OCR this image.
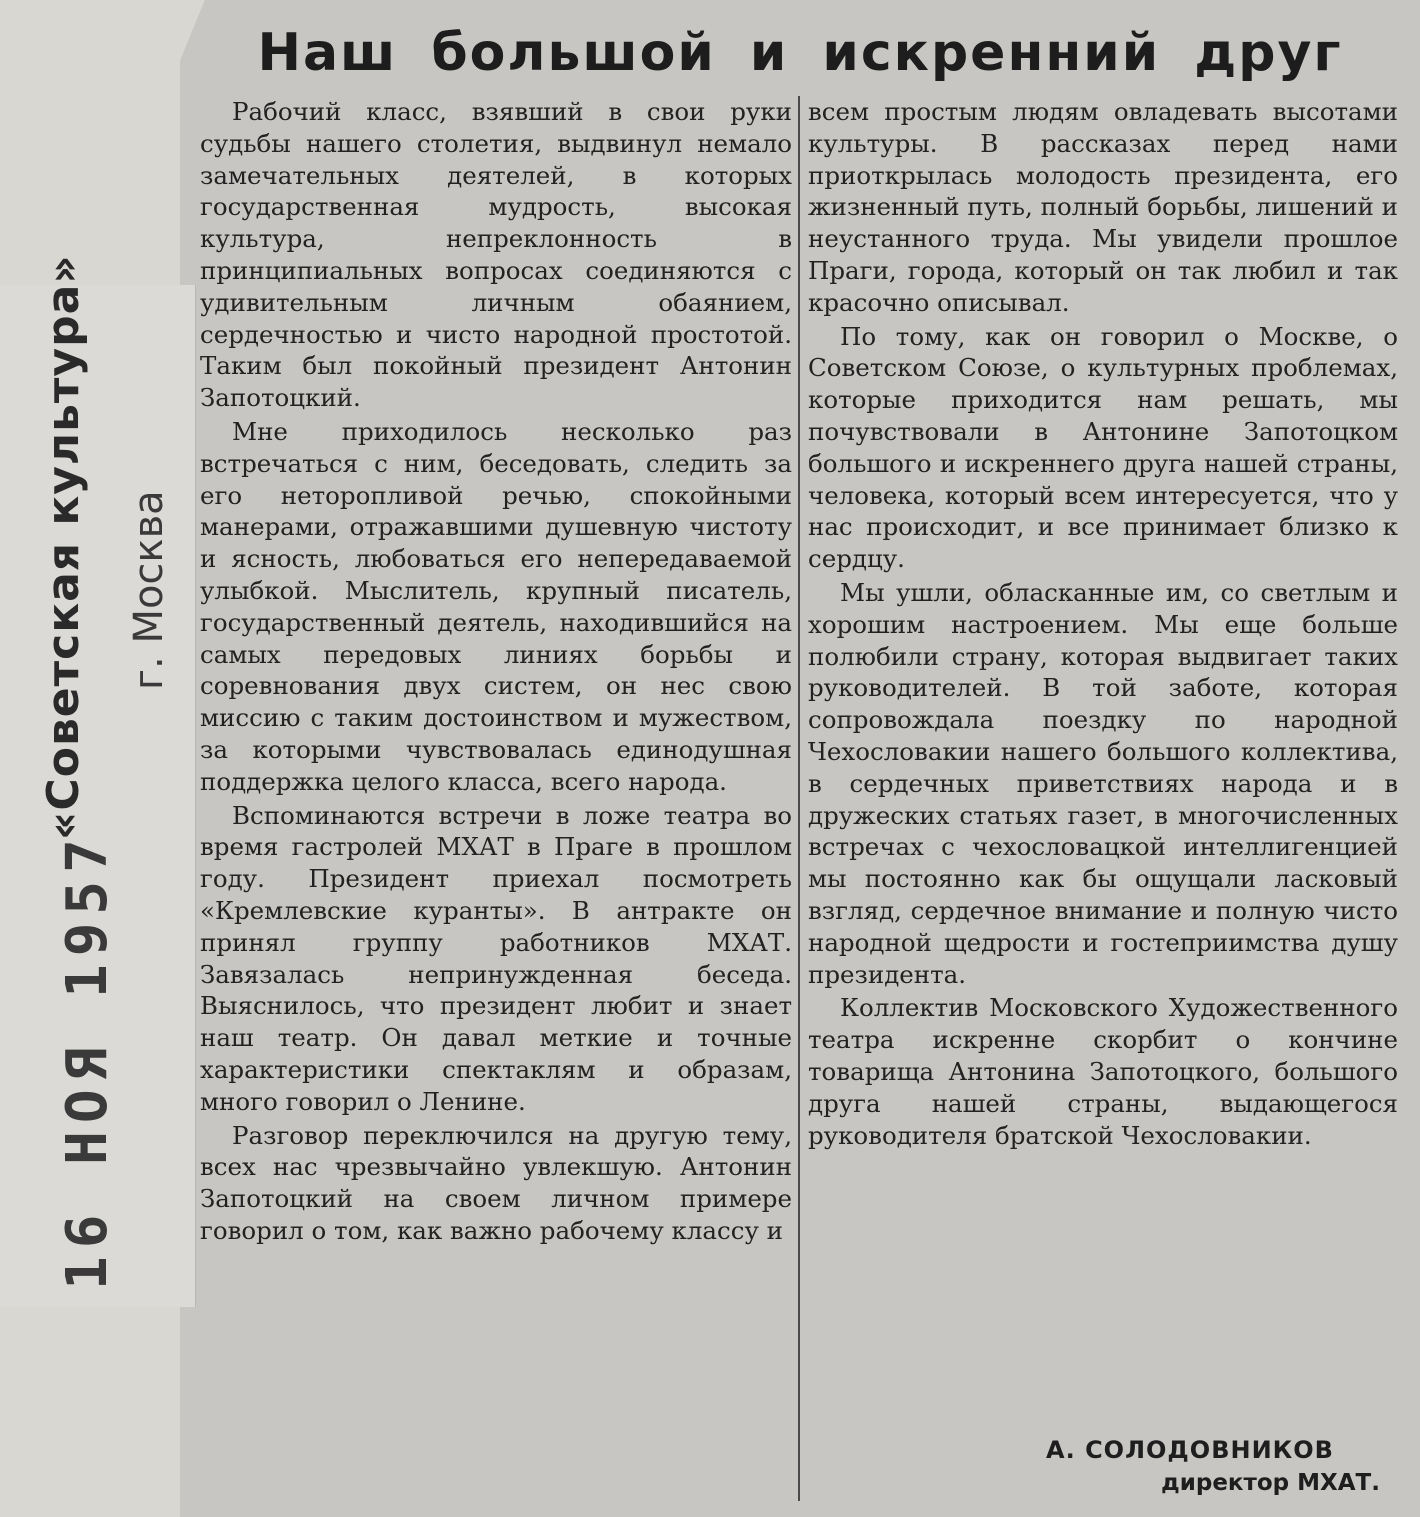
«Советская культура» г. Москва
16 НОЯ 1957
Наш большой и искренний друг

Рабочий класс, взявший в свои руки судьбы нашего столетия, выдвинул немало замечательных деятелей, в которых государственная мудрость, высокая культура, непреклонность в принципиальных вопросах соединяются с удивительным личным обаянием, сердечностью и чисто народной простотой. Таким был покойный президент Антонин Запотоцкий.

Мне приходилось несколько раз встречаться с ним, беседовать, следить за его неторопливой речью, спокойными манерами, отражавшими душевную чистоту и ясность, любоваться его непередаваемой улыбкой. Мыслитель, крупный писатель, государственный деятель, находившийся на самых передовых линиях борьбы и соревнования двух систем, он нес свою миссию с таким достоинством и мужеством, за которыми чувствовалась единодушная поддержка целого класса, всего народа.

Вспоминаются встречи в ложе театра во время гастролей МХАТ в Праге в прошлом году. Президент приехал посмотреть «Кремлевские куранты». В антракте он принял группу работников МХАТ. Завязалась непринужденная беседа. Выяснилось, что президент любит и знает наш театр. Он давал меткие и точные характеристики спектаклям и образам, много говорил о Ленине.

Разговор переключился на другую тему, всех нас чрезвычайно увлекшую. Антонин Запотоцкий на своем личном примере говорил о том, как важно рабочему классу и

всем простым людям овладевать высотами культуры. В рассказах перед нами приоткрылась молодость президента, его жизненный путь, полный борьбы, лишений и неустанного труда. Мы увидели прошлое Праги, города, который он так любил и так красочно описывал.

По тому, как он говорил о Москве, о Советском Союзе, о культурных проблемах, которые приходится нам решать, мы почувствовали в Антонине Запотоцком большого и искреннего друга нашей страны, человека, который всем интересуется, что у нас происходит, и все принимает близко к сердцу.

Мы ушли, обласканные им, со светлым и хорошим настроением. Мы еще больше полюбили страну, которая выдвигает таких руководителей. В той заботе, которая сопровождала поездку по народной Чехословакии нашего большого коллектива, в сердечных приветствиях народа и в дружеских статьях газет, в многочисленных встречах с чехословацкой интеллигенцией мы постоянно как бы ощущали ласковый взгляд, сердечное внимание и полную чисто народной щедрости и гостеприимства душу президента.

Коллектив Московского Художественного театра искренне скорбит о кончине товарища Антонина Запотоцкого, большого друга нашей страны, выдающегося руководителя братской Чехословакии.

А. СОЛОДОВНИКОВ
директор МХАТ.
